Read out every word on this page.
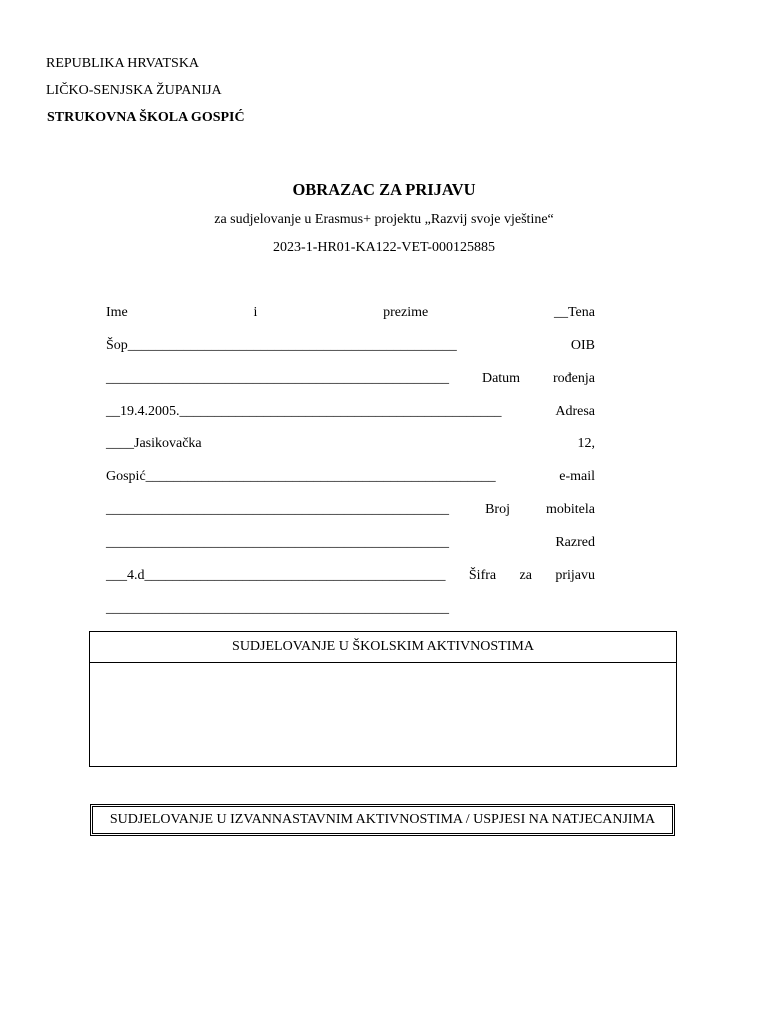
REPUBLIKA HRVATSKA
LIČKO-SENJSKA ŽUPANIJA
STRUKOVNA ŠKOLA GOSPIĆ
OBRAZAC ZA PRIJAVU
za sudjelovanje u Erasmus+ projektu „Razvij svoje vještine“
2023-1-HR01-KA122-VET-000125885
Ime	i	prezime	__Tena
Šop_______________________________________________	OIB
_________________________________________________ Datum rođenja
__19.4.2005.______________________________________________	Adresa
____Jasikovačka	12,
Gospić__________________________________________________	e-mail
_________________________________________________	Broj	mobitela
_________________________________________________	Razred
___4.d___________________________________________ Šifra za prijavu
_________________________________________________
SUDJELOVANJE U ŠKOLSKIM AKTIVNOSTIMA
SUDJELOVANJE U IZVANNASTAVNIM AKTIVNOSTIMA / USPJESI NA NATJECANJIMA
